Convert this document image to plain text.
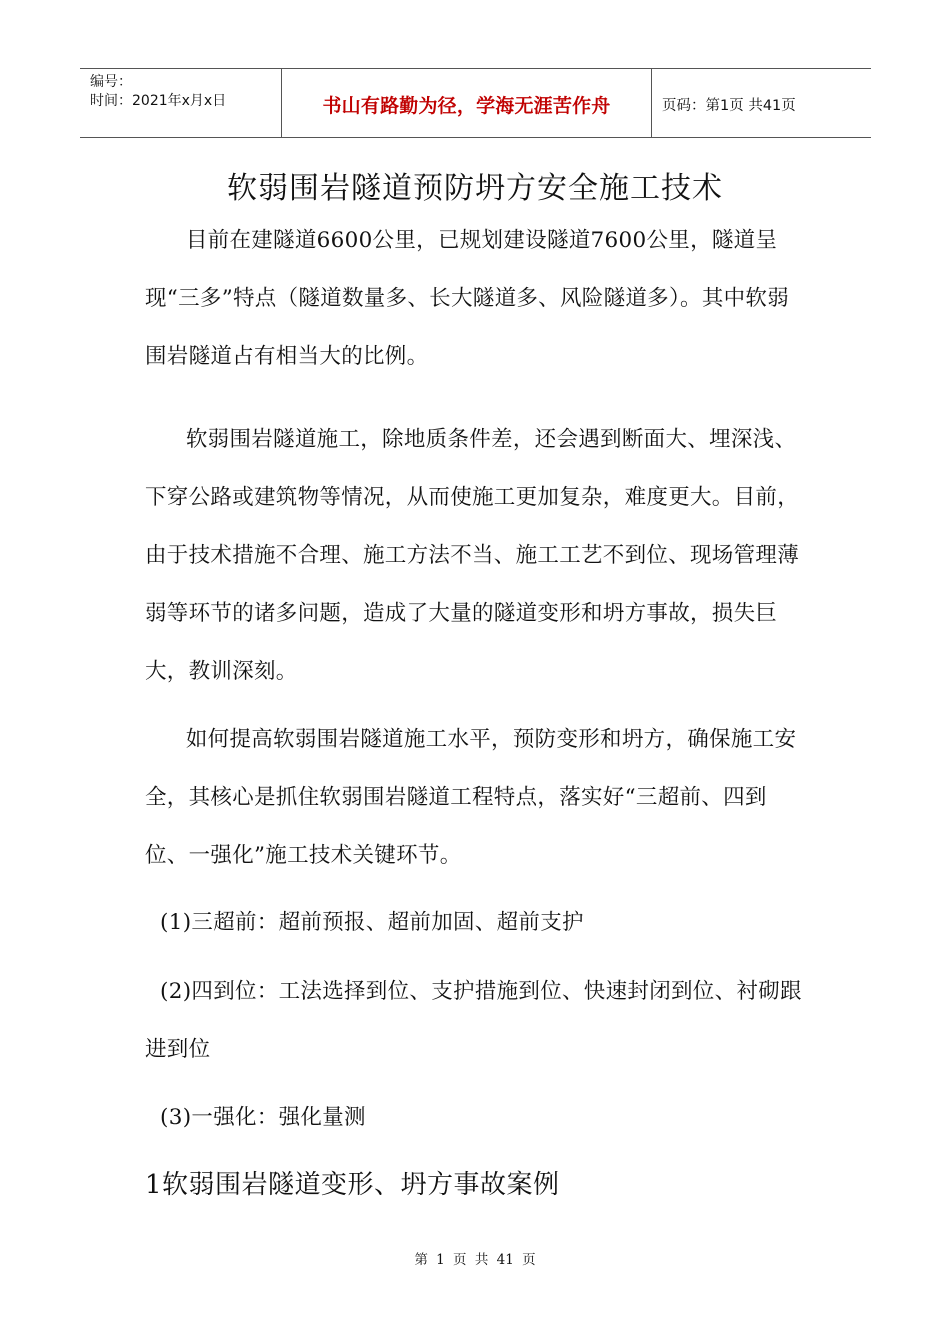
编号：
时间：2021年x月x日	书山有路勤为径，学海无涯苦作舟	页码：第1页 共41页
软弱围岩隧道预防坍方安全施工技术

目前在建隧道6600公里，已规划建设隧道7600公里，隧道呈现“三多”特点（隧道数量多、长大隧道多、风险隧道多）。其中软弱围岩隧道占有相当大的比例。

软弱围岩隧道施工，除地质条件差，还会遇到断面大、埋深浅、下穿公路或建筑物等情况，从而使施工更加复杂，难度更大。目前，由于技术措施不合理、施工方法不当、施工工艺不到位、现场管理薄弱等环节的诸多问题，造成了大量的隧道变形和坍方事故，损失巨大，教训深刻。

如何提高软弱围岩隧道施工水平，预防变形和坍方，确保施工安全，其核心是抓住软弱围岩隧道工程特点，落实好“三超前、四到位、一强化”施工技术关键环节。

(1)三超前：超前预报、超前加固、超前支护

(2)四到位：工法选择到位、支护措施到位、快速封闭到位、衬砌跟进到位

(3)一强化：强化量测

1软弱围岩隧道变形、坍方事故案例
第 1 页 共 41 页
